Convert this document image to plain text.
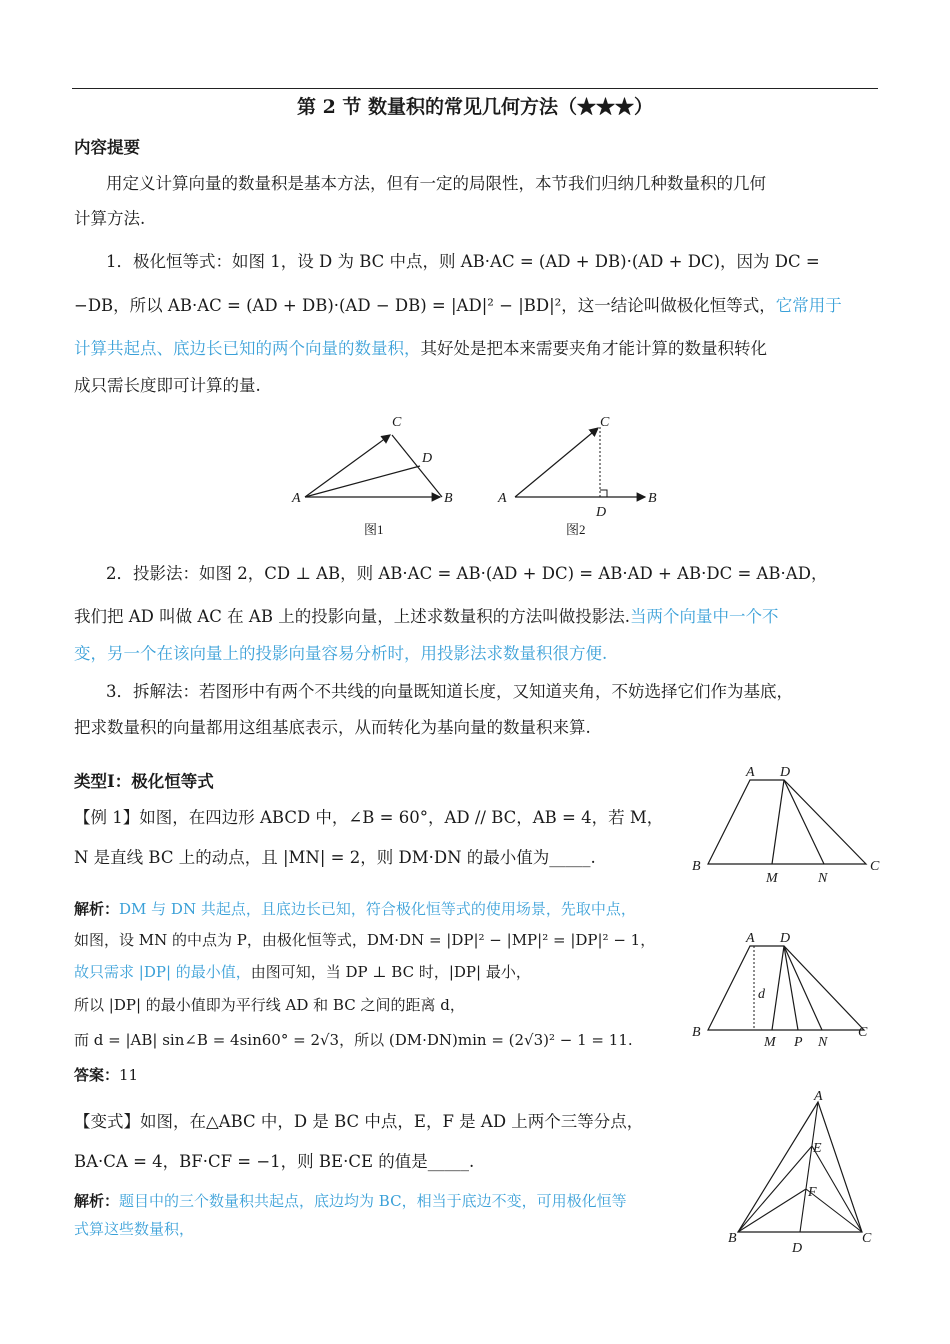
第 2 节 数量积的常见几何方法（★★★）
内容提要
用定义计算向量的数量积是基本方法，但有一定的局限性，本节我们归纳几种数量积的几何
计算方法.
1．极化恒等式：如图 1，设 D 为 BC 中点，则 AB·AC = (AD + DB)·(AD + DC)，因为 DC =
−DB，所以 AB·AC = (AD + DB)·(AD − DB) = |AD|² − |BD|²，这一结论叫做极化恒等式，它常用于
计算共起点、底边长已知的两个向量的数量积，其好处是把本来需要夹角才能计算的数量积转化
成只需长度即可计算的量.
A	B
C
D
图1
A	B
C
D
图2
2．投影法：如图 2，CD ⊥ AB，则 AB·AC = AB·(AD + DC) = AB·AD + AB·DC = AB·AD，
我们把 AD 叫做 AC 在 AB 上的投影向量，上述求数量积的方法叫做投影法.当两个向量中一个不
变，另一个在该向量上的投影向量容易分析时，用投影法求数量积很方便.
3．拆解法：若图形中有两个不共线的向量既知道长度，又知道夹角，不妨选择它们作为基底，
把求数量积的向量都用这组基底表示，从而转化为基向量的数量积来算.
类型Ⅰ：极化恒等式
【例 1】如图，在四边形 ABCD 中，∠B = 60°，AD // BC，AB = 4，若 M，
N 是直线 BC 上的动点，且 |MN| = 2，则 DM·DN 的最小值为_____.
A D
B
M	N
C
解析：DM 与 DN 共起点，且底边长已知，符合极化恒等式的使用场景，先取中点，
如图，设 MN 的中点为 P，由极化恒等式，DM·DN = |DP|² − |MP|² = |DP|² − 1，
故只需求 |DP| 的最小值，由图可知，当 DP ⊥ BC 时，|DP| 最小，
所以 |DP| 的最小值即为平行线 AD 和 BC 之间的距离 d，
而 d = |AB| sin∠B = 4sin60° = 2√3，所以 (DM·DN)min = (2√3)² − 1 = 11.
A D
d
B
M P N
C
答案：11
【变式】如图，在△ABC 中，D 是 BC 中点，E，F 是 AD 上两个三等分点，
BA·CA = 4，BF·CF = −1，则 BE·CE 的值是_____.
A
E
F
B
D
C
解析：题目中的三个数量积共起点，底边均为 BC，相当于底边不变，可用极化恒等
式算这些数量积，
